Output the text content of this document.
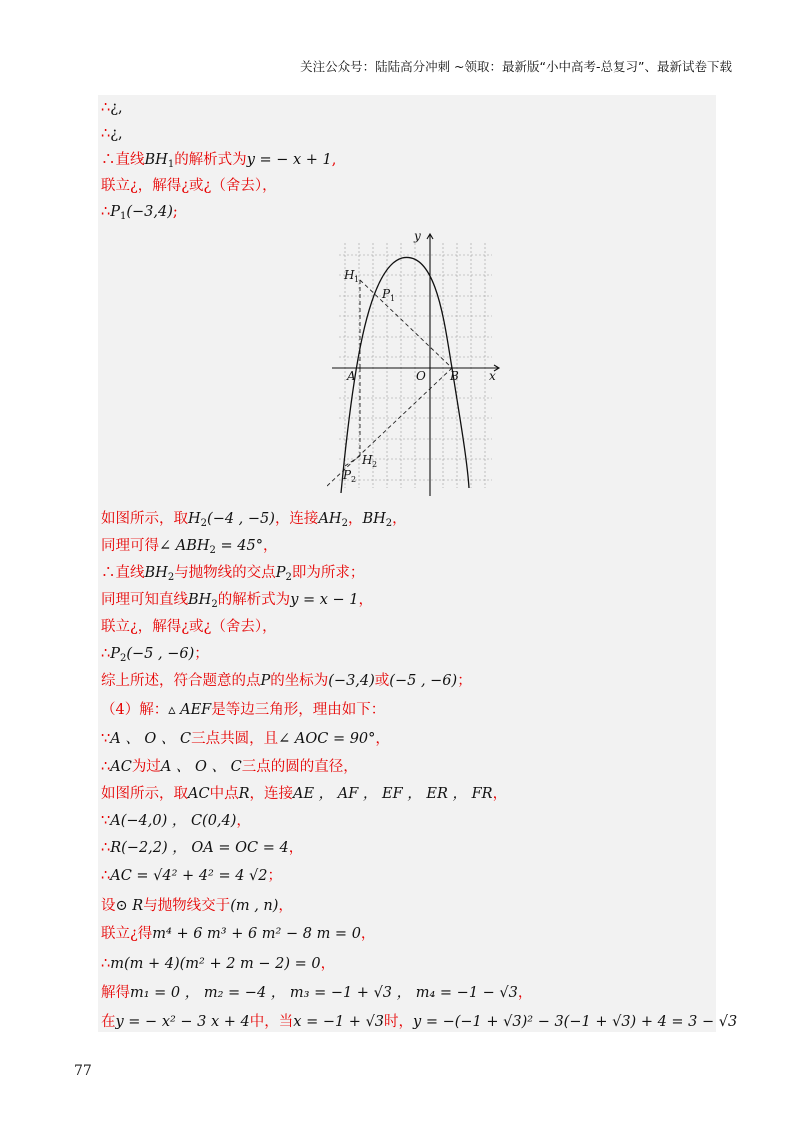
关注公众号：陆陆高分冲刺 ~领取：最新版“小中高考-总复习”、最新试卷下载
∴¿,
∴¿,
∴直线$BH_1$的解析式为y = − x + 1,
联立¿，解得¿或¿（舍去），
$\therefore P_1(-3,4)$;
y
x
A	O B
H 1
P 1
H 2
P 2
如图所示，取$H_2(-4$ , −5)，连接$AH_2$，$BH_2$，
同理可得∠ $ABH_2 = 45^\circ$，
∴直线$BH_2$与抛物线的交点$P_2$即为所求；
同理可知直线$BH_2$的解析式为y = x − 1，
联立¿，解得¿或¿（舍去），
$\therefore P_2(-5$ , −6)；
综上所述，符合题意的点P的坐标为(−3,4)或(−5 , −6)；
（4）解：▵ AEF是等边三角形，理由如下：
∵A 、 O 、 C三点共圆，且∠ AOC = 90°，
∴AC为过A 、 O 、 C三点的圆的直径，
如图所示，取AC中点R，连接AE ， AF ， EF ， ER ， FR，
∵A(−4,0) ， C(0,4)，
∴R(−2,2) ， OA = OC = 4，
∴AC = √4² + 4² = 4 √2；
设⊙ R与抛物线交于(m , n)，
联立¿得m⁴ + 6 m³ + 6 m² − 8 m = 0，
∴m(m + 4)(m² + 2 m − 2) = 0，
解得m₁ = 0 ， m₂ = −4 ， m₃ = −1 + √3 ， m₄ = −1 − √3，
在y = − x² − 3 x + 4中，当x = −1 + √3时，y = −(−1 + √3)² − 3(−1 + √3) + 4 = 3 − √3
77
